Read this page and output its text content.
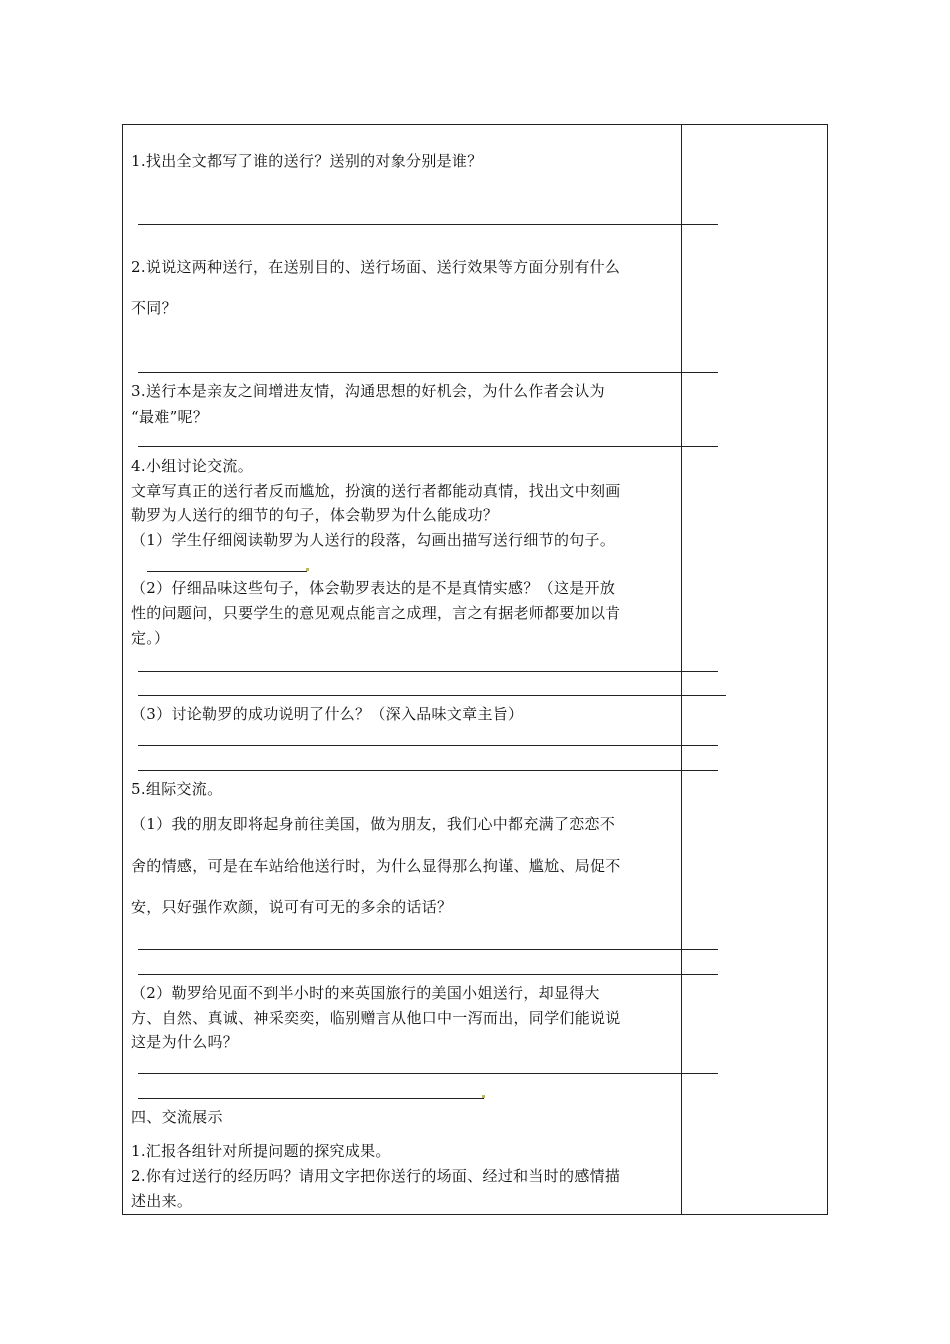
1.找出全文都写了谁的送行？送别的对象分别是谁？
2.说说这两种送行，在送别目的、送行场面、送行效果等方面分别有什么
不同？
3.送行本是亲友之间增进友情，沟通思想的好机会，为什么作者会认为
“最难”呢？
4.小组讨论交流。
文章写真正的送行者反而尴尬，扮演的送行者都能动真情，找出文中刻画
勒罗为人送行的细节的句子，体会勒罗为什么能成功？
（1）学生仔细阅读勒罗为人送行的段落，勾画出描写送行细节的句子。
（2）仔细品味这些句子，体会勒罗表达的是不是真情实感？（这是开放
性的问题问，只要学生的意见观点能言之成理，言之有据老师都要加以肯
定。）
（3）讨论勒罗的成功说明了什么？（深入品味文章主旨）
5.组际交流。
（1）我的朋友即将起身前往美国，做为朋友，我们心中都充满了恋恋不
舍的情感，可是在车站给他送行时，为什么显得那么拘谨、尴尬、局促不
安，只好强作欢颜，说可有可无的多余的话话？
（2）勒罗给见面不到半小时的来英国旅行的美国小姐送行，却显得大
方、自然、真诚、神采奕奕，临别赠言从他口中一泻而出，同学们能说说
这是为什么吗？
四、交流展示
1.汇报各组针对所提问题的探究成果。
2.你有过送行的经历吗？请用文字把你送行的场面、经过和当时的感情描
述出来。
